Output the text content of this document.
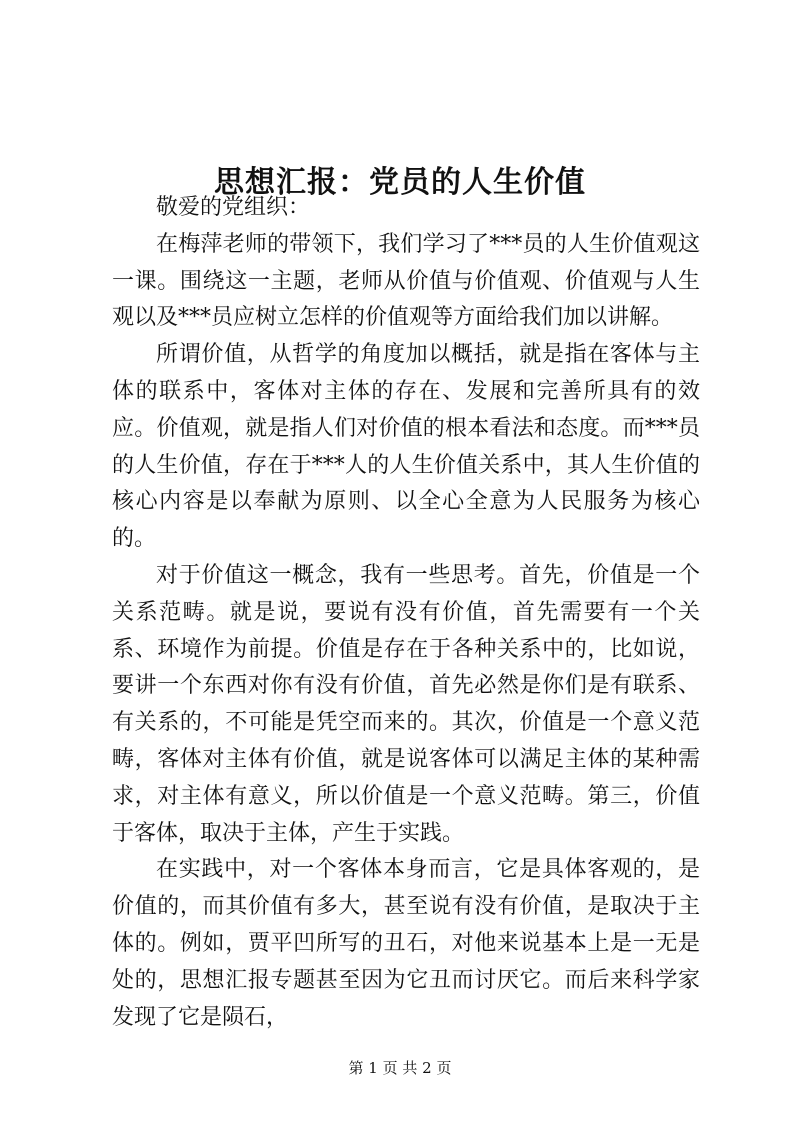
思想汇报：党员的人生价值

敬爱的党组织：

在梅萍老师的带领下，我们学习了***员的人生价值观这一课。围绕这一主题，老师从价值与价值观、价值观与人生观以及***员应树立怎样的价值观等方面给我们加以讲解。

所谓价值，从哲学的角度加以概括，就是指在客体与主体的联系中，客体对主体的存在、发展和完善所具有的效应。价值观，就是指人们对价值的根本看法和态度。而***员的人生价值，存在于***人的人生价值关系中，其人生价值的核心内容是以奉献为原则、以全心全意为人民服务为核心的。

对于价值这一概念，我有一些思考。首先，价值是一个关系范畴。就是说，要说有没有价值，首先需要有一个关系、环境作为前提。价值是存在于各种关系中的，比如说，要讲一个东西对你有没有价值，首先必然是你们是有联系、有关系的，不可能是凭空而来的。其次，价值是一个意义范畴，客体对主体有价值，就是说客体可以满足主体的某种需求，对主体有意义，所以价值是一个意义范畴。第三，价值于客体，取决于主体，产生于实践。

在实践中，对一个客体本身而言，它是具体客观的，是价值的，而其价值有多大，甚至说有没有价值，是取决于主体的。例如，贾平凹所写的丑石，对他来说基本上是一无是处的，思想汇报专题甚至因为它丑而讨厌它。而后来科学家发现了它是陨石，

第 1 页 共 2 页
